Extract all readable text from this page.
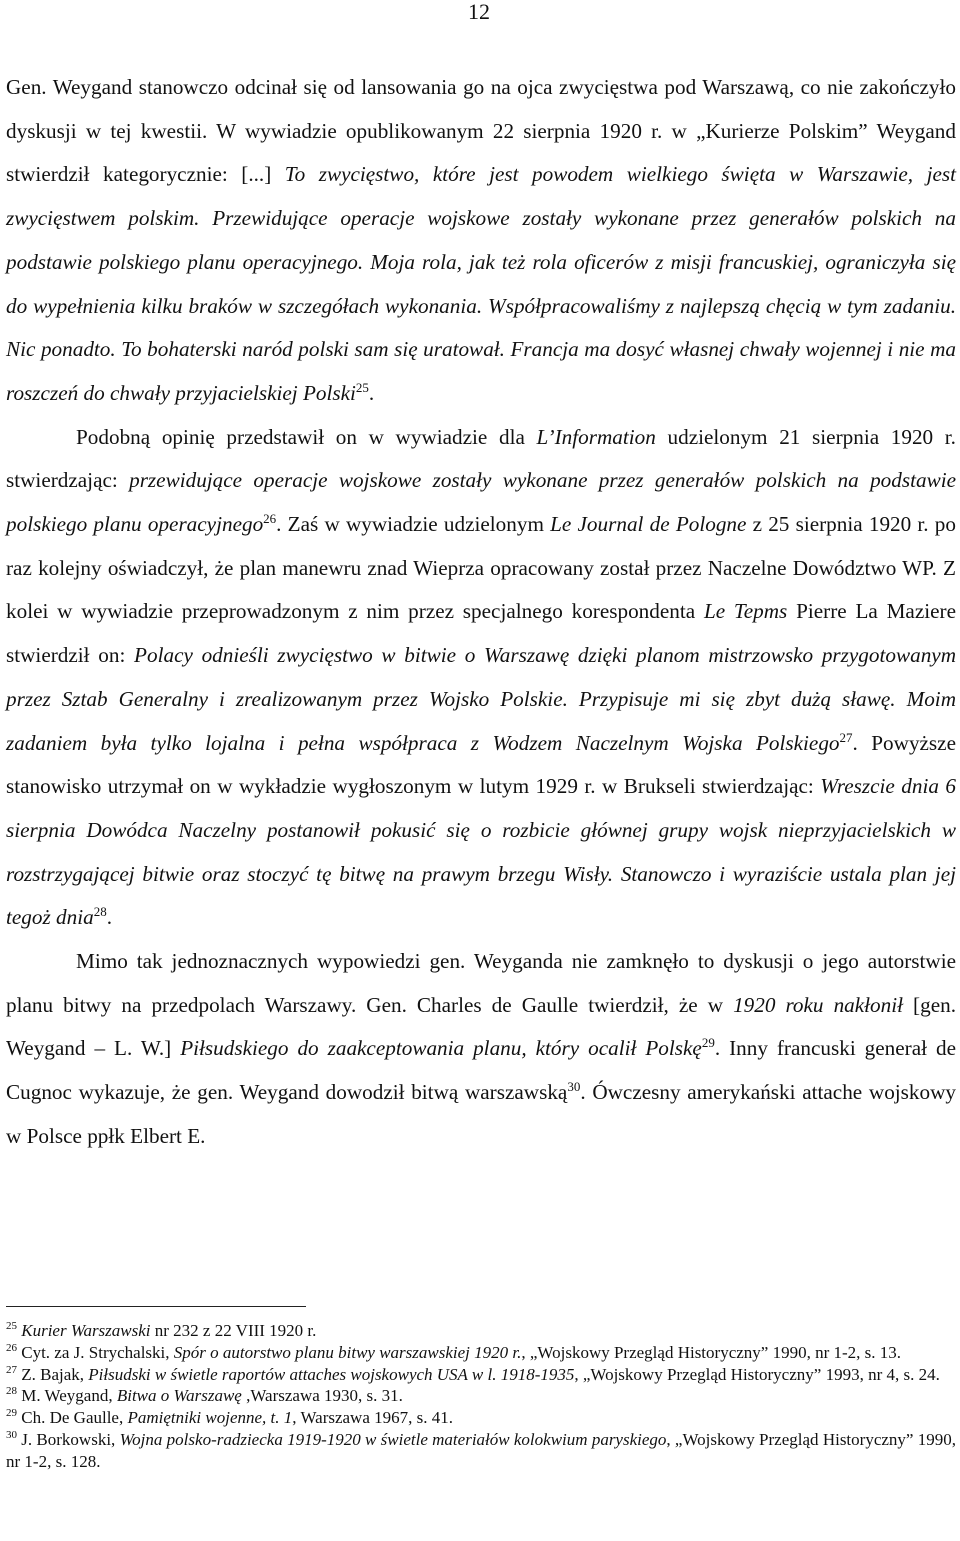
12

Gen. Weygand stanowczo odcinał się od lansowania go na ojca zwycięstwa pod Warszawą, co nie zakończyło dyskusji w tej kwestii. W wywiadzie opublikowanym 22 sierpnia 1920 r. w „Kurierze Polskim” Weygand stwierdził kategorycznie: [...] To zwycięstwo, które jest powodem wielkiego święta w Warszawie, jest zwycięstwem polskim. Przewidujące operacje wojskowe zostały wykonane przez generałów polskich na podstawie polskiego planu operacyjnego. Moja rola, jak też rola oficerów z misji francuskiej, ograniczyła się do wypełnienia kilku braków w szczegółach wykonania. Współpracowaliśmy z najlepszą chęcią w tym zadaniu. Nic ponadto. To bohaterski naród polski sam się uratował. Francja ma dosyć własnej chwały wojennej i nie ma roszczeń do chwały przyjacielskiej Polski$^{25}$.

Podobną opinię przedstawił on w wywiadzie dla L’Information udzielonym 21 sierpnia 1920 r. stwierdzając: przewidujące operacje wojskowe zostały wykonane przez generałów polskich na podstawie polskiego planu operacyjnego$^{26}$. Zaś w wywiadzie udzielonym Le Journal de Pologne z 25 sierpnia 1920 r. po raz kolejny oświadczył, że plan manewru znad Wieprza opracowany został przez Naczelne Dowództwo WP. Z kolei w wywiadzie przeprowadzonym z nim przez specjalnego korespondenta Le Tepms Pierre La Maziere stwierdził on: Polacy odnieśli zwycięstwo w bitwie o Warszawę dzięki planom mistrzowsko przygotowanym przez Sztab Generalny i zrealizowanym przez Wojsko Polskie. Przypisuje mi się zbyt dużą sławę. Moim zadaniem była tylko lojalna i pełna współpraca z Wodzem Naczelnym Wojska Polskiego$^{27}$. Powyższe stanowisko utrzymał on w wykładzie wygłoszonym w lutym 1929 r. w Brukseli stwierdzając: Wreszcie dnia 6 sierpnia Dowódca Naczelny postanowił pokusić się o rozbicie głównej grupy wojsk nieprzyjacielskich w rozstrzygającej bitwie oraz stoczyć tę bitwę na prawym brzegu Wisły. Stanowczo i wyraziście ustala plan jej tegoż dnia$^{28}$.

Mimo tak jednoznacznych wypowiedzi gen. Weyganda nie zamknęło to dyskusji o jego autorstwie planu bitwy na przedpolach Warszawy. Gen. Charles de Gaulle twierdził, że w 1920 roku nakłonił [gen. Weygand – L. W.] Piłsudskiego do zaakceptowania planu, który ocalił Polskę$^{29}$. Inny francuski generał de Cugnoc wykazuje, że gen. Weygand dowodził bitwą warszawską$^{30}$. Ówczesny amerykański attache wojskowy w Polsce ppłk Elbert E.

$^{25}$ Kurier Warszawski nr 232 z 22 VIII 1920 r.

$^{26}$ Cyt. za J. Strychalski, Spór o autorstwo planu bitwy warszawskiej 1920 r., „Wojskowy Przegląd Historyczny” 1990, nr 1-2, s. 13.

$^{27}$ Z. Bajak, Piłsudski w świetle raportów attaches wojskowych USA w l. 1918-1935, „Wojskowy Przegląd Historyczny” 1993, nr 4, s. 24.

$^{28}$ M. Weygand, Bitwa o Warszawę ,Warszawa 1930, s. 31.

$^{29}$ Ch. De Gaulle, Pamiętniki wojenne, t. 1, Warszawa 1967, s. 41.

$^{30}$ J. Borkowski, Wojna polsko-radziecka 1919-1920 w świetle materiałów kolokwium paryskiego, „Wojskowy Przegląd Historyczny” 1990, nr 1-2, s. 128.
